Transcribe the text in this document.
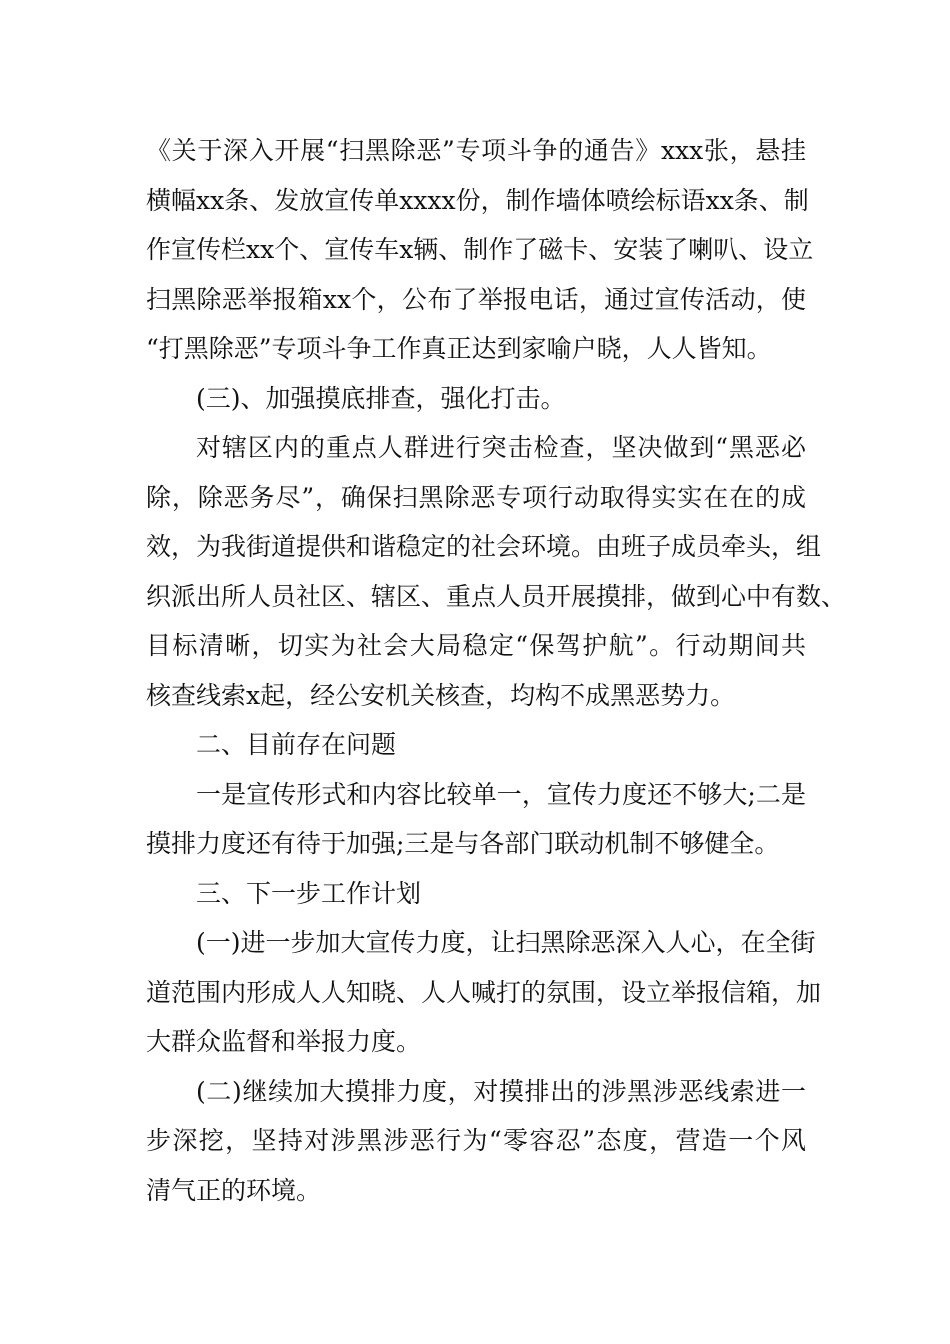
《关于深入开展“扫黑除恶”专项斗争的通告》xxx张，悬挂
横幅xx条、发放宣传单xxxx份，制作墙体喷绘标语xx条、制
作宣传栏xx个、宣传车x辆、制作了磁卡、安装了喇叭、设立
扫黑除恶举报箱xx个，公布了举报电话，通过宣传活动，使
“打黑除恶”专项斗争工作真正达到家喻户晓，人人皆知。

(三)、加强摸底排查，强化打击。

对辖区内的重点人群进行突击检查，坚决做到“黑恶必
除，除恶务尽”，确保扫黑除恶专项行动取得实实在在的成
效，为我街道提供和谐稳定的社会环境。由班子成员牵头，组
织派出所人员社区、辖区、重点人员开展摸排，做到心中有数、
目标清晰，切实为社会大局稳定“保驾护航”。行动期间共
核查线索x起，经公安机关核查，均构不成黑恶势力。

二、目前存在问题

一是宣传形式和内容比较单一，宣传力度还不够大;二是
摸排力度还有待于加强;三是与各部门联动机制不够健全。

三、下一步工作计划

(一)进一步加大宣传力度，让扫黑除恶深入人心，在全街
道范围内形成人人知晓、人人喊打的氛围，设立举报信箱，加
大群众监督和举报力度。

(二)继续加大摸排力度，对摸排出的涉黑涉恶线索进一
步深挖，坚持对涉黑涉恶行为“零容忍”态度，营造一个风
清气正的环境。
